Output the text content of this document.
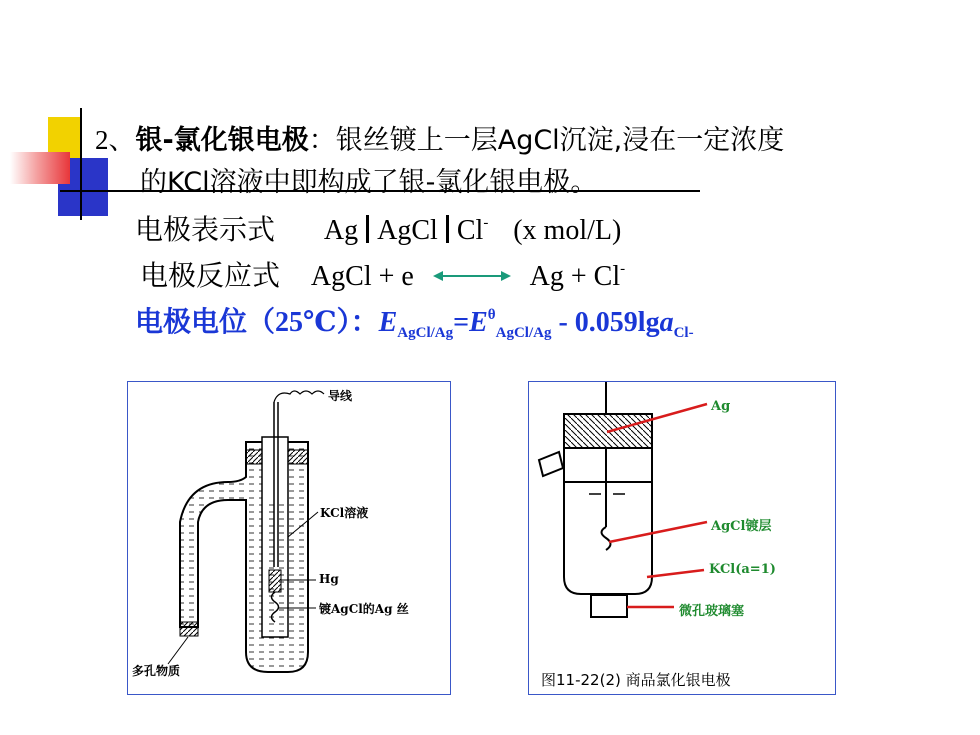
2、银-氯化银电极：银丝镀上一层AgCl沉淀,浸在一定浓度
的KCl溶液中即构成了银-氯化银电极。
电极表示式 Ag AgCl Cl- (x mol/L)
电极反应式 AgCl + e	Ag + Cl-
电极电位（25℃）：$E_{AgCl/Ag}=E^\theta_{AgCl/Ag} - 0.059\lg a_{Cl-}$
导线
KCl溶液
Hg
镀AgCl的Ag 丝
多孔物质
Ag
AgCl镀层
KCl(a=1)
微孔玻璃塞
图11-22(2) 商品氯化银电极
